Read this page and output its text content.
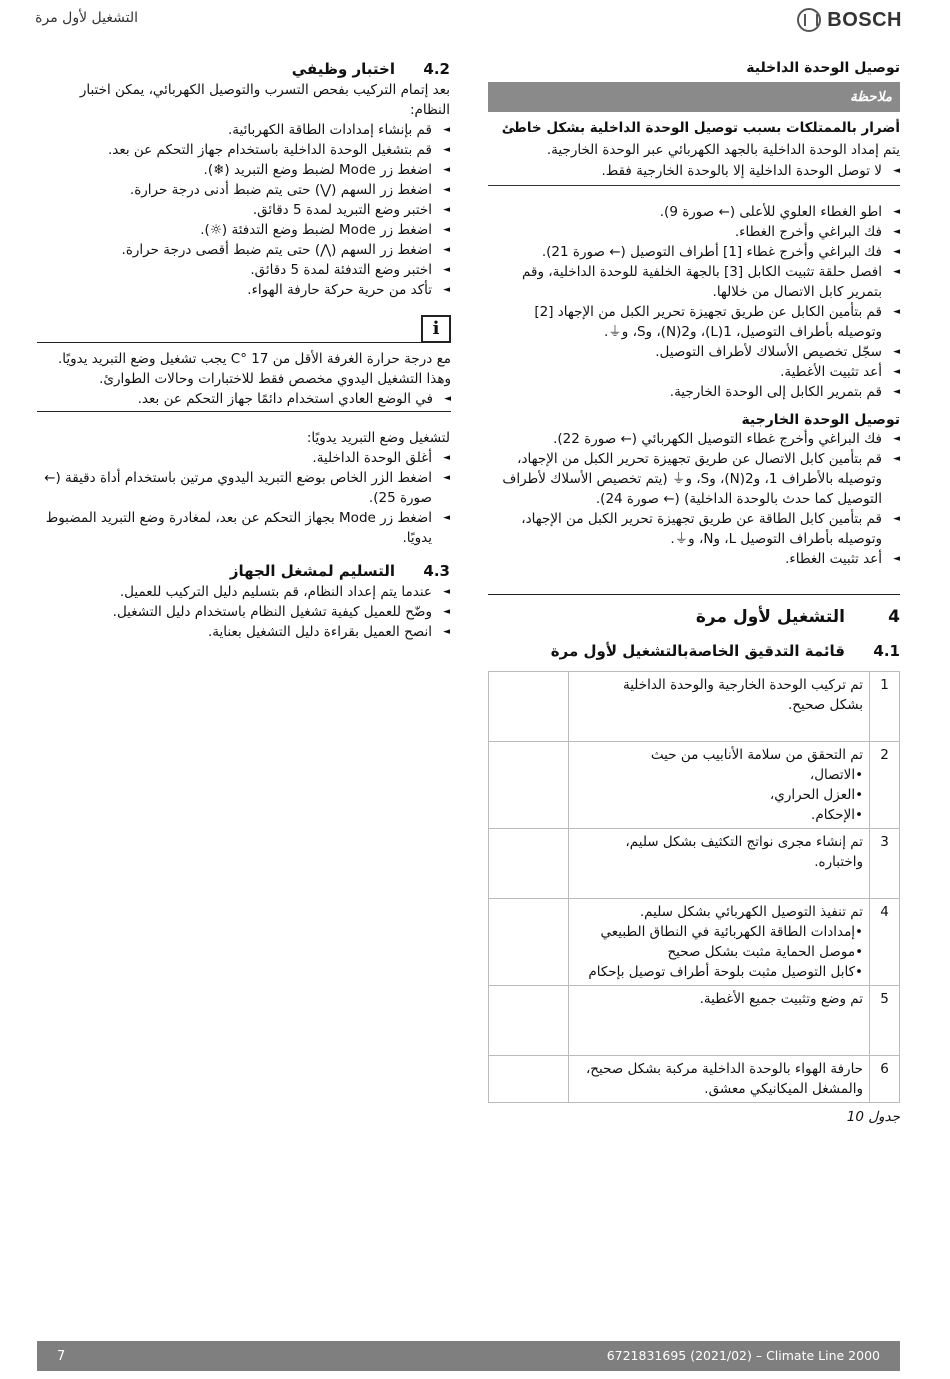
التشغيل لأول مرة	BOSCH
توصيل الوحدة الداخلية
ملاحظة
أضرار بالممتلكات بسبب توصيل الوحدة الداخلية بشكل خاطئ
يتم إمداد الوحدة الداخلية بالجهد الكهربائي عبر الوحدة الخارجية.
◄ لا توصل الوحدة الداخلية إلا بالوحدة الخارجية فقط.
◄ اطو الغطاء العلوي للأعلى (← صورة 9).
◄ فك البراغي وأخرج الغطاء.
◄ فك البراغي وأخرج غطاء [1] أطراف التوصيل (← صورة 21).
◄ افصل حلقة تثبيت الكابل [3] بالجهة الخلفية للوحدة الداخلية، وقم بتمرير كابل الاتصال من خلالها.
◄ قم بتأمين الكابل عن طريق تجهيزة تحرير الكبل من الإجهاد [2] وتوصيله بأطراف التوصيل، 1(L)، و2(N)، وS، و⏚.
◄ سجّل تخصيص الأسلاك لأطراف التوصيل.
◄ أعد تثبيت الأغطية.
◄ قم بتمرير الكابل إلى الوحدة الخارجية.
توصيل الوحدة الخارجية
◄ فك البراغي وأخرج غطاء التوصيل الكهربائي (← صورة 22).
◄ قم بتأمين كابل الاتصال عن طريق تجهيزة تحرير الكبل من الإجهاد، وتوصيله بالأطراف 1، و2(N)، وS، و⏚ (يتم تخصيص الأسلاك لأطراف التوصيل كما حدث بالوحدة الداخلية) (← صورة 24).
◄ قم بتأمين كابل الطاقة عن طريق تجهيزة تحرير الكبل من الإجهاد، وتوصيله بأطراف التوصيل L، وN، و⏚.
◄ أعد تثبيت الغطاء.
4
التشغيل لأول مرة
4.1
قائمة التدقيق الخاصةبالتشغيل لأول مرة
1	تم تركيب الوحدة الخارجية والوحدة الداخلية
بشكل صحيح.	

2	تم التحقق من سلامة الأنابيب من حيث
•الاتصال،
•العزل الحراري،
•الإحكام.	

3	تم إنشاء مجرى نواتج التكثيف بشكل سليم، واختباره.	

4	تم تنفيذ التوصيل الكهربائي بشكل سليم.
•إمدادات الطاقة الكهربائية في النطاق الطبيعي
•موصل الحماية مثبت بشكل صحيح
•كابل التوصيل مثبت بلوحة أطراف توصيل بإحكام	

5	تم وضع وتثبيت جميع الأغطية.	

6	حارفة الهواء بالوحدة الداخلية مركبة بشكل صحيح،
والمشغل الميكانيكي معشق.	

جدول 10
4.2
اختبار وظيفي
بعد إتمام التركيب بفحص التسرب والتوصيل الكهربائي، يمكن اختبار النظام:
◄ قم بإنشاء إمدادات الطاقة الكهربائية.
◄ قم بتشغيل الوحدة الداخلية باستخدام جهاز التحكم عن بعد.
◄ اضغط زر Mode لضبط وضع التبريد (❄).
◄ اضغط زر السهم (⋁) حتى يتم ضبط أدنى درجة حرارة.
◄ اختبر وضع التبريد لمدة 5 دقائق.
◄ اضغط زر Mode لضبط وضع التدفئة (☼).
◄ اضغط زر السهم (⋀) حتى يتم ضبط أقصى درجة حرارة.
◄ اختبر وضع التدفئة لمدة 5 دقائق.
◄ تأكد من حرية حركة حارفة الهواء.
i
مع درجة حرارة الغرفة الأقل من 17 °C يجب تشغيل وضع التبريد يدويًا. وهذا التشغيل اليدوي مخصص فقط للاختبارات وحالات الطوارئ.
◄ في الوضع العادي استخدام دائمًا جهاز التحكم عن بعد.
لتشغيل وضع التبريد يدويًا:
◄ أغلق الوحدة الداخلية.
◄ اضغط الزر الخاص بوضع التبريد اليدوي مرتين باستخدام أداة دقيقة (← صورة 25).
◄ اضغط زر Mode بجهاز التحكم عن بعد، لمغادرة وضع التبريد المضبوط يدويًا.
4.3
التسليم لمشغل الجهاز
◄ عندما يتم إعداد النظام، قم بتسليم دليل التركيب للعميل.
◄ وضّح للعميل كيفية تشغيل النظام باستخدام دليل التشغيل.
◄ انصح العميل بقراءة دليل التشغيل بعناية.
7	6721831695 (2021/02) – Climate Line 2000
